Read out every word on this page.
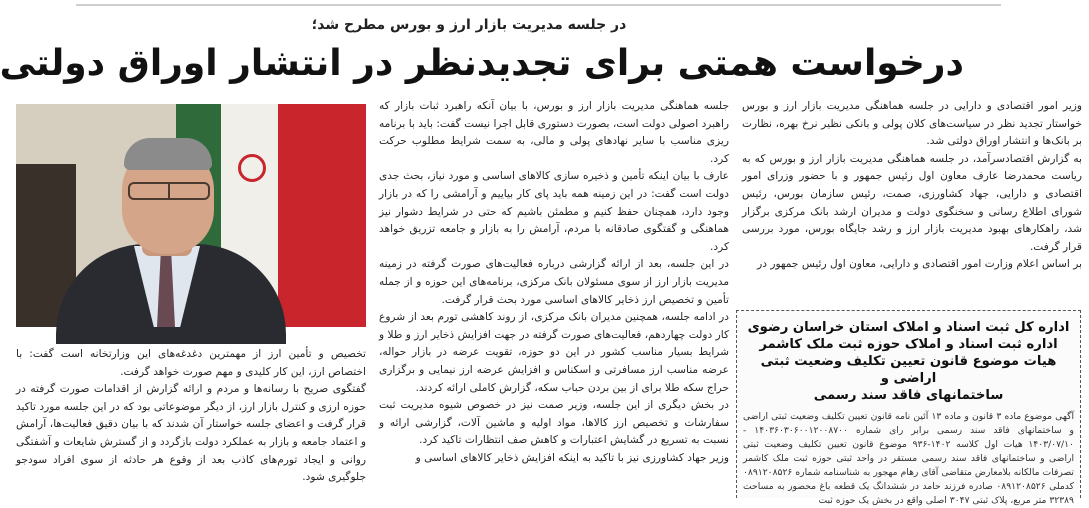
در جلسه مدیریت بازار ارز و بورس مطرح شد؛
درخواست همتی برای تجدیدنظر در انتشار اوراق دولتی

وزیر امور اقتصادی و دارایی در جلسه هماهنگی مدیریت بازار ارز و بورس خواستار تجدید نظر در سیاست‌های کلان پولی و بانکی نظیر نرخ بهره، نظارت بر بانک‌ها و انتشار اوراق دولتی شد.

به گزارش اقتصادسرآمد، در جلسه هماهنگی مدیریت بازار ارز و بورس که به ریاست محمدرضا عارف معاون اول رئیس جمهور و با حضور وزرای امور اقتصادی و دارایی، جهاد کشاورزی، صمت، رئیس سازمان بورس، رئیس شورای اطلاع رسانی و سخنگوی دولت و مدیران ارشد بانک مرکزی برگزار شد، راهکارهای بهبود مدیریت بازار ارز و رشد جایگاه بورس، مورد بررسی قرار گرفت.

بر اساس اعلام وزارت امور اقتصادی و دارایی، معاون اول رئیس جمهور در

جلسه هماهنگی مدیریت بازار ارز و بورس، با بیان آنکه راهبرد ثبات بازار که راهبرد اصولی دولت است، بصورت دستوری قابل اجرا نیست گفت: باید با برنامه ریزی مناسب با سایر نهادهای پولی و مالی، به سمت شرایط مطلوب حرکت کرد.

عارف با بیان اینکه تأمین و ذخیره سازی کالاهای اساسی و مورد نیاز، بحث جدی دولت است گفت: در این زمینه همه باید پای کار بیاییم و آرامشی را که در بازار وجود دارد، همچنان حفظ کنیم و مطمئن باشیم که حتی در شرایط دشوار نیز هماهنگی و گفتگوی صادقانه با مردم، آرامش را به بازار و جامعه تزریق خواهد کرد.

در این جلسه، بعد از ارائه گزارشی درباره فعالیت‌های صورت گرفته در زمینه مدیریت بازار ارز از سوی مسئولان بانک مرکزی، برنامه‌های این حوزه و از جمله تأمین و تخصیص ارز ذخایر کالاهای اساسی مورد بحث قرار گرفت.

در ادامه جلسه، همچنین مدیران بانک مرکزی، از روند کاهشی تورم بعد از شروع کار دولت چهاردهم، فعالیت‌های صورت گرفته در جهت افزایش ذخایر ارز و طلا و شرایط بسیار مناسب کشور در این دو حوزه، تقویت عرضه در بازار حواله، عرضه مناسب ارز مسافرتی و اسکناس و افزایش عرضه ارز نیمایی و برگزاری حراج سکه طلا برای از بین بردن حباب سکه، گزارش کاملی ارائه کردند.

در بخش دیگری از این جلسه، وزیر صمت نیز در خصوص شیوه مدیریت ثبت سفارشات و تخصیص ارز کالاها، مواد اولیه و ماشین آلات، گزارشی ارائه و نسبت به تسریع در گشایش اعتبارات و کاهش صف انتظارات تاکید کرد.

وزیر جهاد کشاورزی نیز با تاکید به اینکه افزایش ذخایر کالاهای اساسی و

تخصیص و تأمین ارز از مهمترین دغدغه‌های این وزارتخانه است گفت: با اختصاص ارز، این کار کلیدی و مهم صورت خواهد گرفت.

گفتگوی صریح با رسانه‌ها و مردم و ارائه گزارش از اقدامات صورت گرفته در حوزه ارزی و کنترل بازار ارز، از دیگر موضوعاتی بود که در این جلسه مورد تاکید قرار گرفت و اعضای جلسه خواستار آن شدند که با بیان دقیق فعالیت‌ها، آرامش و اعتماد جامعه و بازار به عملکرد دولت بازگردد و از گسترش شایعات و آشفتگی روانی و ایجاد تورم‌های کاذب بعد از وقوع هر حادثه از سوی افراد سودجو جلوگیری شود.

اداره کل ثبت اسناد و املاک استان خراسان رضوی
اداره ثبت اسناد و املاک حوزه ثبت ملک کاشمر
هیات موضوع قانون تعیین تکلیف وضعیت ثبتی اراضی و
ساختمانهای فاقد سند رسمی
آگهی موضوع ماده ۳ قانون و ماده ۱۳ آئین نامه قانون تعیین تکلیف وضعیت ثبتی اراضی و ساختمانهای فاقد سند رسمی برابر رای شماره ۱۴۰۳۶۰۳۰۶۰۰۱۲۰۰۸۷۰۰ - ۱۴۰۳/۰۷/۱۰ هیات اول کلاسه ۱۴۰۲-۹۳۶ موضوع قانون تعیین تکلیف وضعیت ثبتی اراضی و ساختمانهای فاقد سند رسمی مستقر در واحد ثبتی حوزه ثبت ملک کاشمر تصرفات مالکانه بلامعارض متقاضی آقای رهام مهجور به شناسنامه شماره ۰۸۹۱۲۰۸۵۲۶ کدملی ۰۸۹۱۲۰۸۵۲۶ صادره فرزند حامد در ششدانگ یک قطعه باغ محصور به مساحت ۳۲۳۸۹ متر مربع، پلاک ثبتی ۳۰۴۷ اصلی واقع در بخش یک حوزه ثبت
